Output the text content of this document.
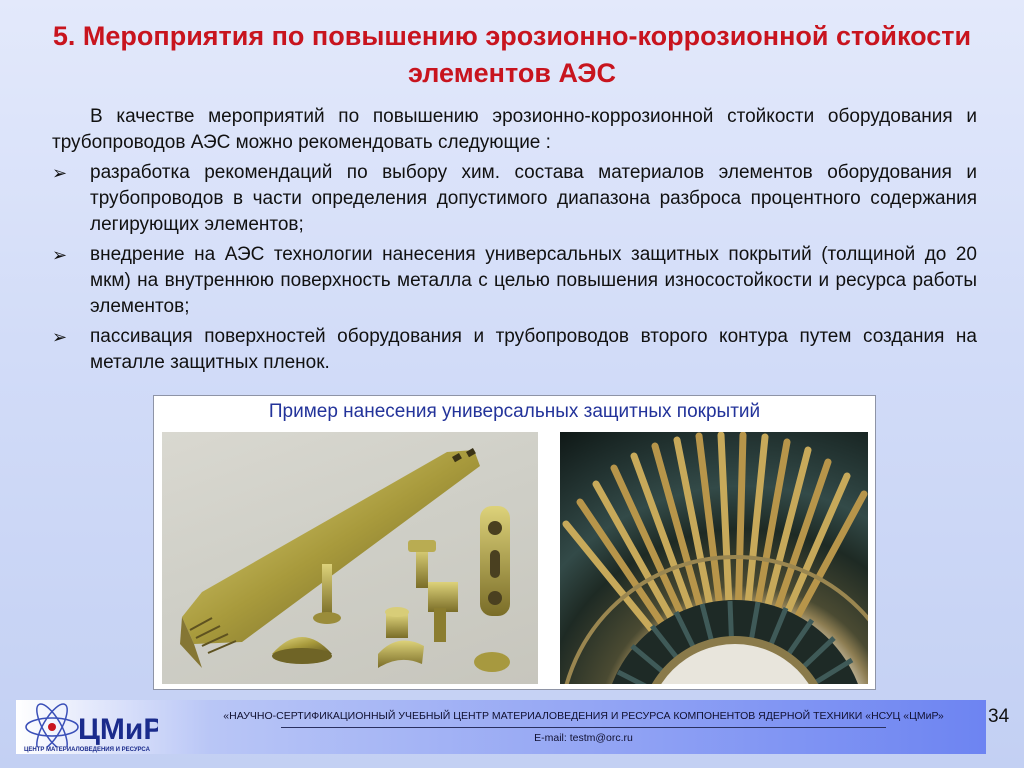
5. Мероприятия по повышению эрозионно-коррозионной стойкости элементов АЭС

В качестве мероприятий по повышению эрозионно-коррозионной стойкости оборудования и трубопроводов АЭС можно рекомендовать следующие :

➢ разработка рекомендаций по выбору хим. состава материалов элементов оборудования и трубопроводов в части определения допустимого диапазона разброса процентного содержания легирующих элементов;

➢ внедрение на АЭС технологии нанесения универсальных защитных покрытий (толщиной до 20 мкм) на внутреннюю поверхность металла с целью повышения износостойкости и ресурса работы элементов;

➢ пассивация поверхностей оборудования и трубопроводов второго контура путем создания на металле защитных пленок.

Пример нанесения универсальных защитных покрытий
ЦМиР
ЦЕНТР МАТЕРИАЛОВЕДЕНИЯ И РЕСУРСА
«НАУЧНО-СЕРТИФИКАЦИОННЫЙ УЧЕБНЫЙ ЦЕНТР МАТЕРИАЛОВЕДЕНИЯ И РЕСУРСА КОМПОНЕНТОВ ЯДЕРНОЙ ТЕХНИКИ «НСУЦ «ЦМиР»
E-mail: testm@orc.ru
34
